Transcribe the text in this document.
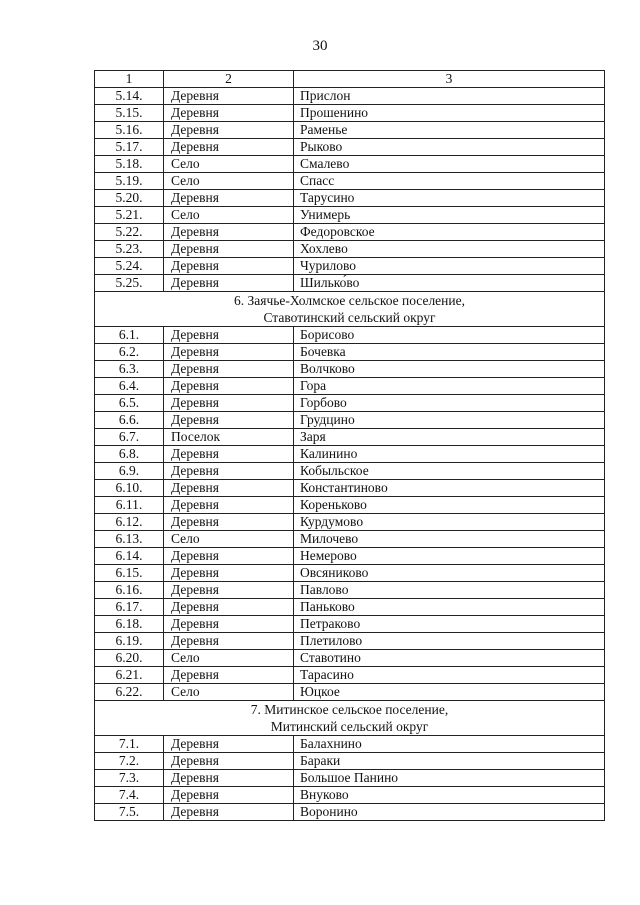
30
1	2	3
5.14.	Деревня	Прислон
5.15.	Деревня	Прошенино
5.16.	Деревня	Раменье
5.17.	Деревня	Рыково
5.18.	Село	Смалево
5.19.	Село	Спасс
5.20.	Деревня	Тарусино
5.21.	Село	Унимерь
5.22.	Деревня	Федоровское
5.23.	Деревня	Хохлево
5.24.	Деревня	Чурилово
5.25.	Деревня	Шилько́во

6. Заячье-Холмское сельское поселение,
Ставотинский сельский округ		

6.1.	Деревня	Борисово
6.2.	Деревня	Бочевка
6.3.	Деревня	Волчково
6.4.	Деревня	Гора
6.5.	Деревня	Горбово
6.6.	Деревня	Грудцино
6.7.	Поселок	Заря
6.8.	Деревня	Калинино
6.9.	Деревня	Кобыльское
6.10.	Деревня	Константиново
6.11.	Деревня	Кореньково
6.12.	Деревня	Курдумово
6.13.	Село	Милочево
6.14.	Деревня	Немерово
6.15.	Деревня	Овсяниково
6.16.	Деревня	Павлово
6.17.	Деревня	Паньково
6.18.	Деревня	Петраково
6.19.	Деревня	Плетилово
6.20.	Село	Ставотино
6.21.	Деревня	Тарасино
6.22.	Село	Юцкое

7. Митинское сельское поселение,
Митинский сельский округ		

7.1.	Деревня	Балахнино
7.2.	Деревня	Бараки
7.3.	Деревня	Большое Панино
7.4.	Деревня	Внуково
7.5.	Деревня	Воронино
